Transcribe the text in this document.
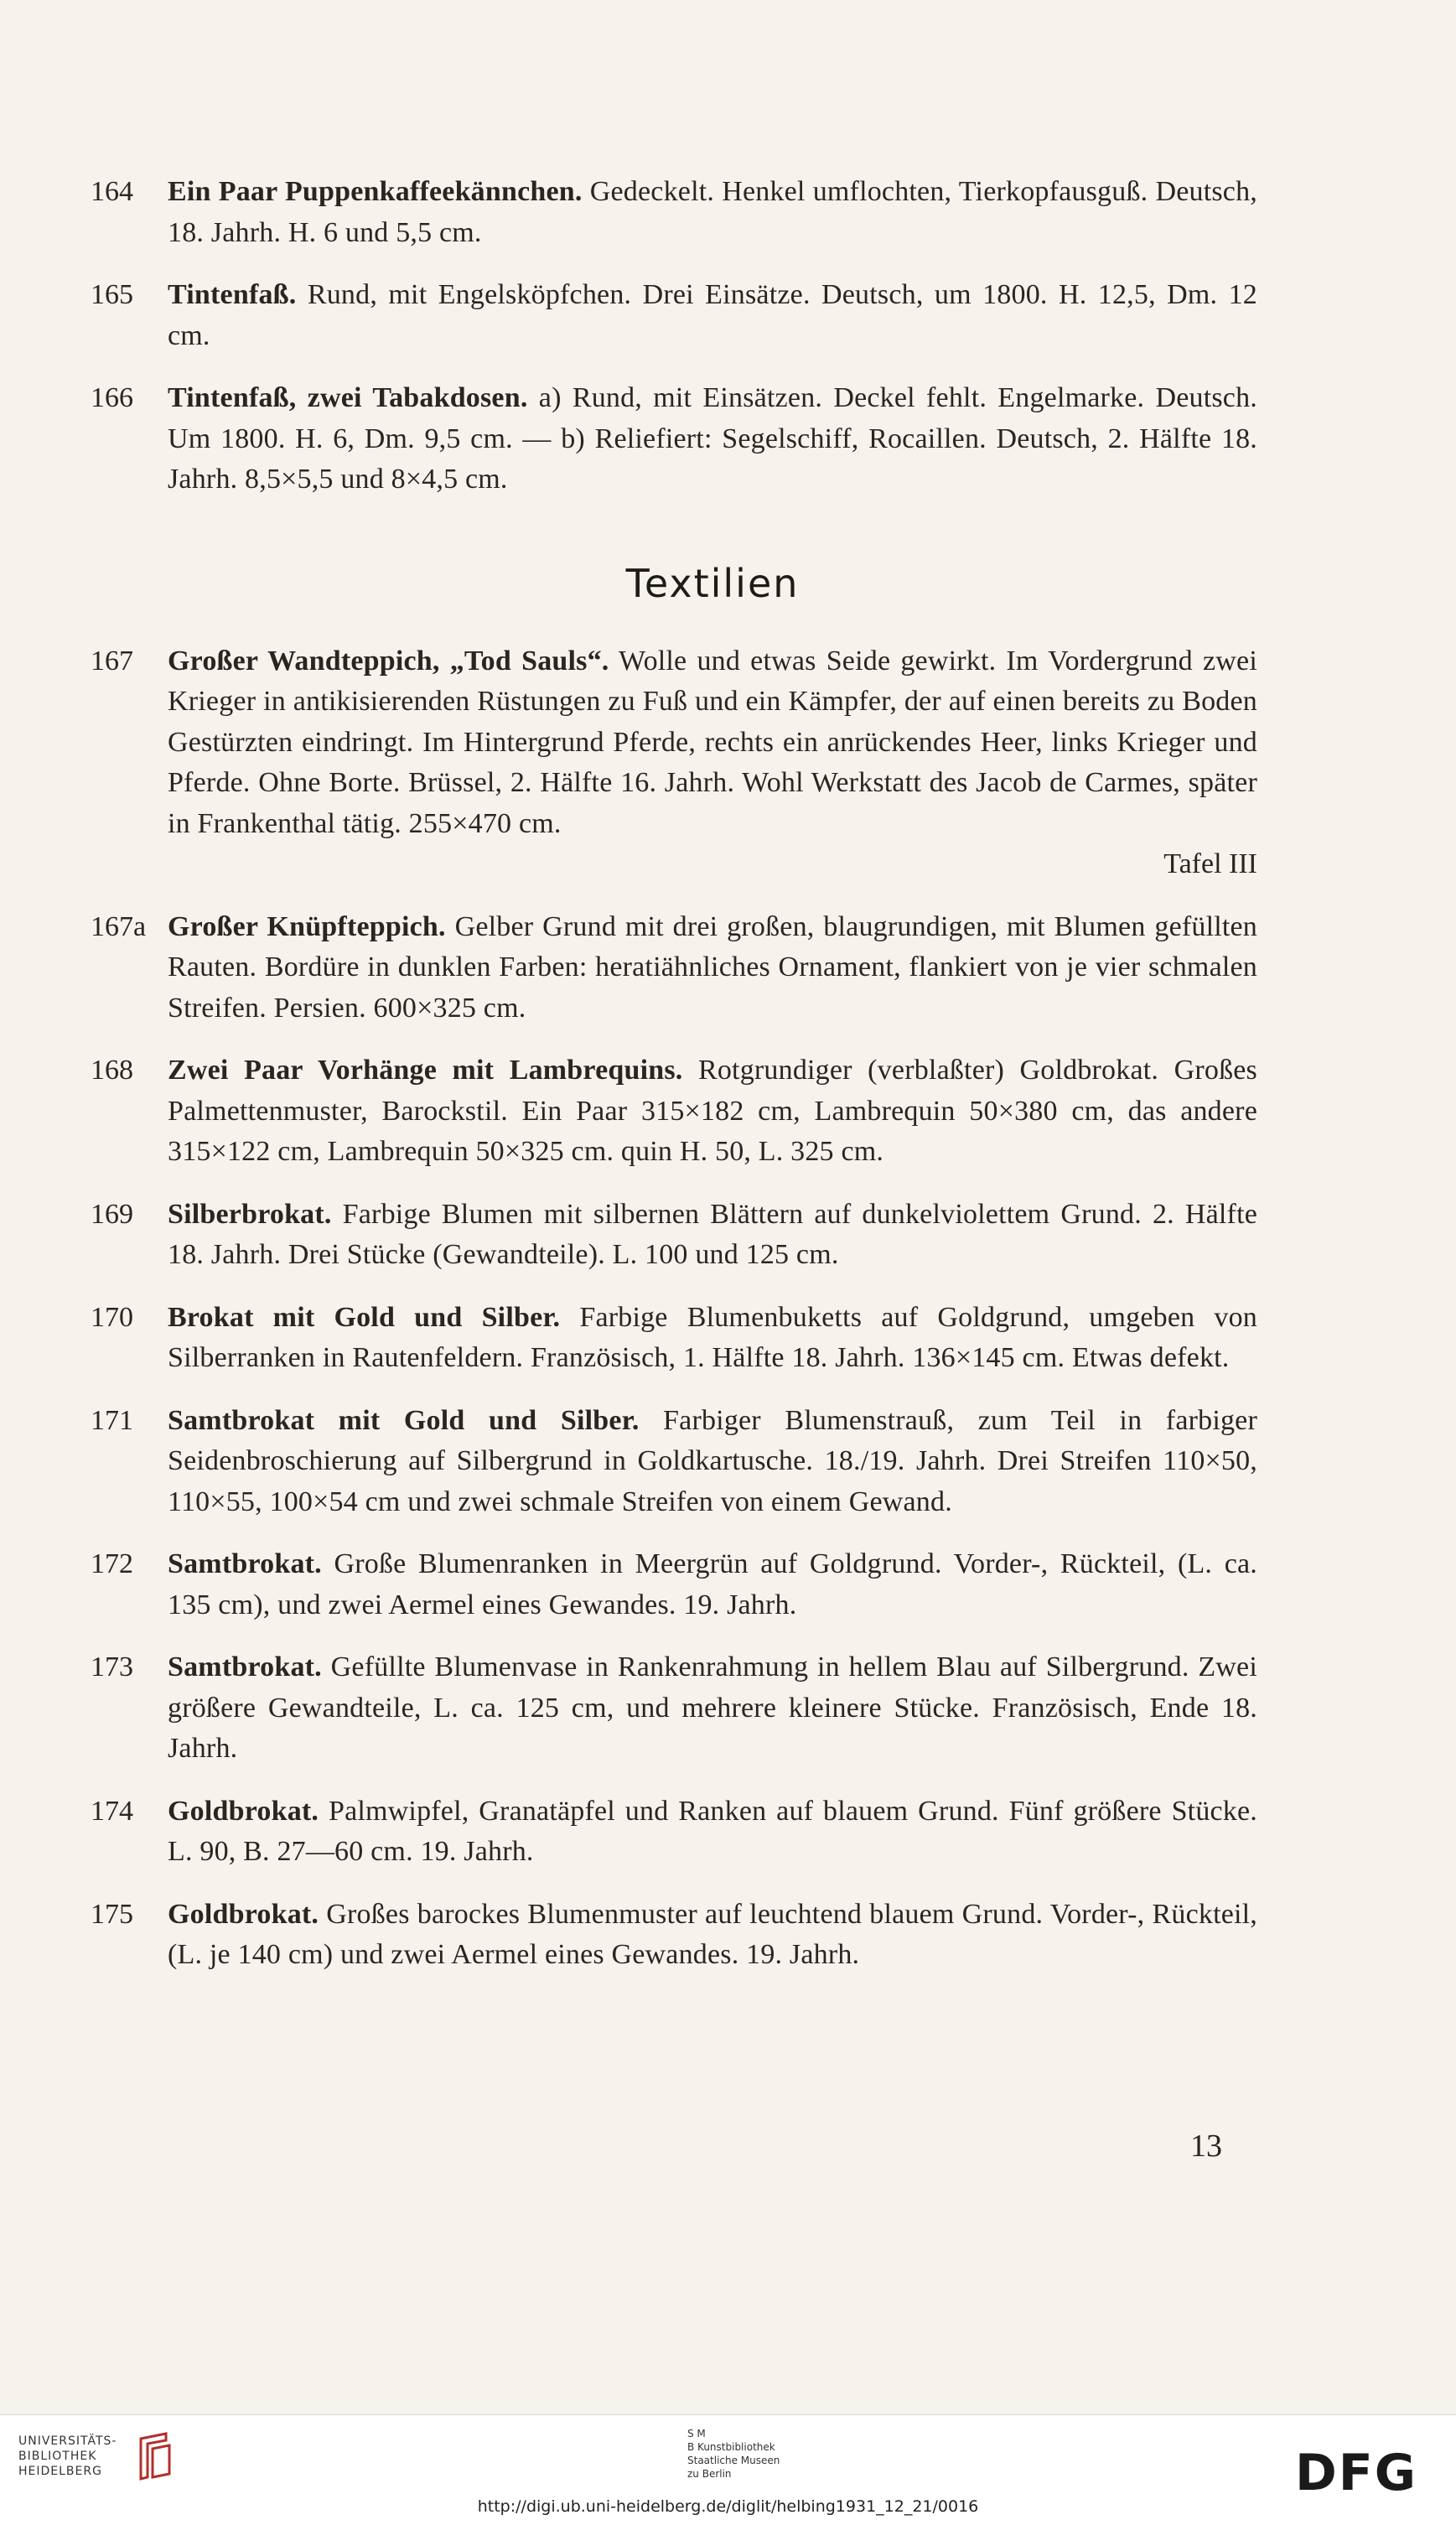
164	Ein Paar Puppenkaffeekännchen. Gedeckelt. Henkel umflochten, Tierkopfausguß. Deutsch, 18. Jahrh. H. 6 und 5,5 cm.

165	Tintenfaß. Rund, mit Engelsköpfchen. Drei Einsätze. Deutsch, um 1800. H. 12,5, Dm. 12 cm.

166	Tintenfaß, zwei Tabakdosen. a) Rund, mit Einsätzen. Deckel fehlt. Engelmarke. Deutsch. Um 1800. H. 6, Dm. 9,5 cm. — b) Reliefiert: Segelschiff, Rocaillen. Deutsch, 2. Hälfte 18. Jahrh. 8,5×5,5 und 8×4,5 cm.

Textilien
167	Großer Wandteppich, „Tod Sauls“. Wolle und etwas Seide gewirkt. Im Vordergrund zwei Krieger in antikisierenden Rüstungen zu Fuß und ein Kämpfer, der auf einen bereits zu Boden Gestürzten eindringt. Im Hintergrund Pferde, rechts ein anrückendes Heer, links Krieger und Pferde. Ohne Borte. Brüssel, 2. Hälfte 16. Jahrh. Wohl Werkstatt des Jacob de Carmes, später in Frankenthal tätig. 255×470 cm.

Tafel III
167a Großer Knüpfteppich. Gelber Grund mit drei großen, blaugrundigen, mit Blumen gefüllten Rauten. Bordüre in dunklen Farben: heratiähnliches Ornament, flankiert von je vier schmalen Streifen. Persien. 600×325 cm.

168	Zwei Paar Vorhänge mit Lambrequins. Rotgrundiger (verblaßter) Goldbrokat. Großes Palmettenmuster, Barockstil. Ein Paar 315×182 cm, Lambrequin 50×380 cm, das andere 315×122 cm, Lambrequin 50×325 cm. quin H. 50, L. 325 cm.

169	Silberbrokat. Farbige Blumen mit silbernen Blättern auf dunkelviolettem Grund. 2. Hälfte 18. Jahrh. Drei Stücke (Gewandteile). L. 100 und 125 cm.

170	Brokat mit Gold und Silber. Farbige Blumenbuketts auf Goldgrund, umgeben von Silberranken in Rautenfeldern. Französisch, 1. Hälfte 18. Jahrh. 136×145 cm. Etwas defekt.

171	Samtbrokat mit Gold und Silber. Farbiger Blumenstrauß, zum Teil in farbiger Seidenbroschierung auf Silbergrund in Goldkartusche. 18./19. Jahrh. Drei Streifen 110×50, 110×55, 100×54 cm und zwei schmale Streifen von einem Gewand.

172	Samtbrokat. Große Blumenranken in Meergrün auf Goldgrund. Vorder-, Rückteil, (L. ca. 135 cm), und zwei Aermel eines Gewandes. 19. Jahrh.

173	Samtbrokat. Gefüllte Blumenvase in Rankenrahmung in hellem Blau auf Silbergrund. Zwei größere Gewandteile, L. ca. 125 cm, und mehrere kleinere Stücke. Französisch, Ende 18. Jahrh.

174	Goldbrokat. Palmwipfel, Granatäpfel und Ranken auf blauem Grund. Fünf größere Stücke. L. 90, B. 27—60 cm. 19. Jahrh.

175	Goldbrokat. Großes barockes Blumenmuster auf leuchtend blauem Grund. Vorder-, Rückteil, (L. je 140 cm) und zwei Aermel eines Gewandes. 19. Jahrh.

13
UNIVERSITÄTS-
BIBLIOTHEK
HEIDELBERG
S M
B Kunstbibliothek
Staatliche Museen
zu Berlin	DFG
http://digi.ub.uni-heidelberg.de/diglit/helbing1931_12_21/0016
